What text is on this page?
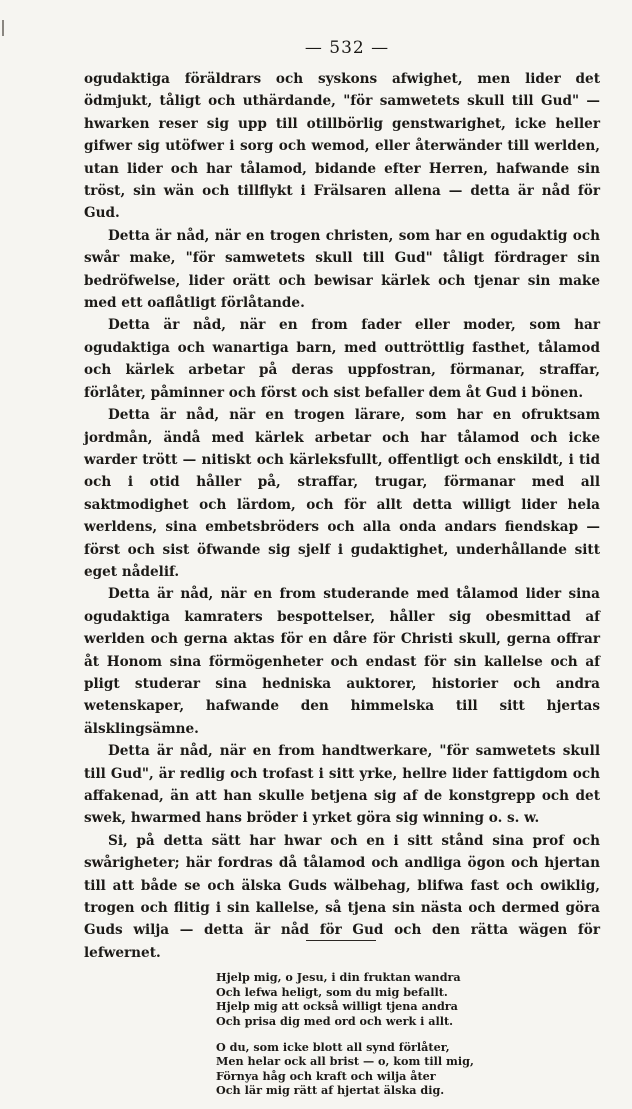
— 532 —

ogudaktiga föräldrars och syskons afwighet, men lider det ödmjukt, tåligt och uthärdande, "för samwetets skull till Gud" — hwarken reser sig upp till otillbörlig genstwarighet, icke heller gifwer sig utöfwer i sorg och wemod, eller återwänder till werlden, utan lider och har tålamod, bidande efter Herren, hafwande sin tröst, sin wän och tillflykt i Frälsaren allena — detta är nåd för Gud.

Detta är nåd, när en trogen christen, som har en ogudaktig och swår make, "för samwetets skull till Gud" tåligt fördrager sin bedröfwelse, lider orätt och bewisar kärlek och tjenar sin make med ett oaflåtligt förlåtande.

Detta är nåd, när en from fader eller moder, som har ogudaktiga och wanartiga barn, med outtröttlig fasthet, tålamod och kärlek arbetar på deras uppfostran, förmanar, straffar, förlåter, påminner och först och sist befaller dem åt Gud i bönen.

Detta är nåd, när en trogen lärare, som har en ofruktsam jordmån, ändå med kärlek arbetar och har tålamod och icke warder trött — nitiskt och kärleksfullt, offentligt och enskildt, i tid och i otid håller på, straffar, trugar, förmanar med all saktmodighet och lärdom, och för allt detta willigt lider hela werldens, sina embetsbröders och alla onda andars fiendskap — först och sist öfwande sig sjelf i gudaktighet, underhållande sitt eget nådelif.

Detta är nåd, när en from studerande med tålamod lider sina ogudaktiga kamraters bespottelser, håller sig obesmittad af werlden och gerna aktas för en dåre för Christi skull, gerna offrar åt Honom sina förmögenheter och endast för sin kallelse och af pligt studerar sina hedniska auktorer, historier och andra wetenskaper, hafwande den himmelska till sitt hjertas älsklingsämne.

Detta är nåd, när en from handtwerkare, "för samwetets skull till Gud", är redlig och trofast i sitt yrke, hellre lider fattigdom och affakenad, än att han skulle betjena sig af de konstgrepp och det swek, hwarmed hans bröder i yrket göra sig winning o. s. w.

Si, på detta sätt har hwar och en i sitt stånd sina prof och swårigheter; här fordras då tålamod och andliga ögon och hjertan till att både se och älska Guds wälbehag, blifwa fast och owiklig, trogen och flitig i sin kallelse, så tjena sin nästa och dermed göra Guds wilja — detta är nåd för Gud och den rätta wägen för lefwernet.

Hjelp mig, o Jesu, i din fruktan wandra
Och lefwa heligt, som du mig befallt.
Hjelp mig att också willigt tjena andra
Och prisa dig med ord och werk i allt.
O du, som icke blott all synd förlåter,
Men helar ock all brist — o, kom till mig,
Förnya håg och kraft och wilja åter
Och lär mig rätt af hjertat älska dig.
